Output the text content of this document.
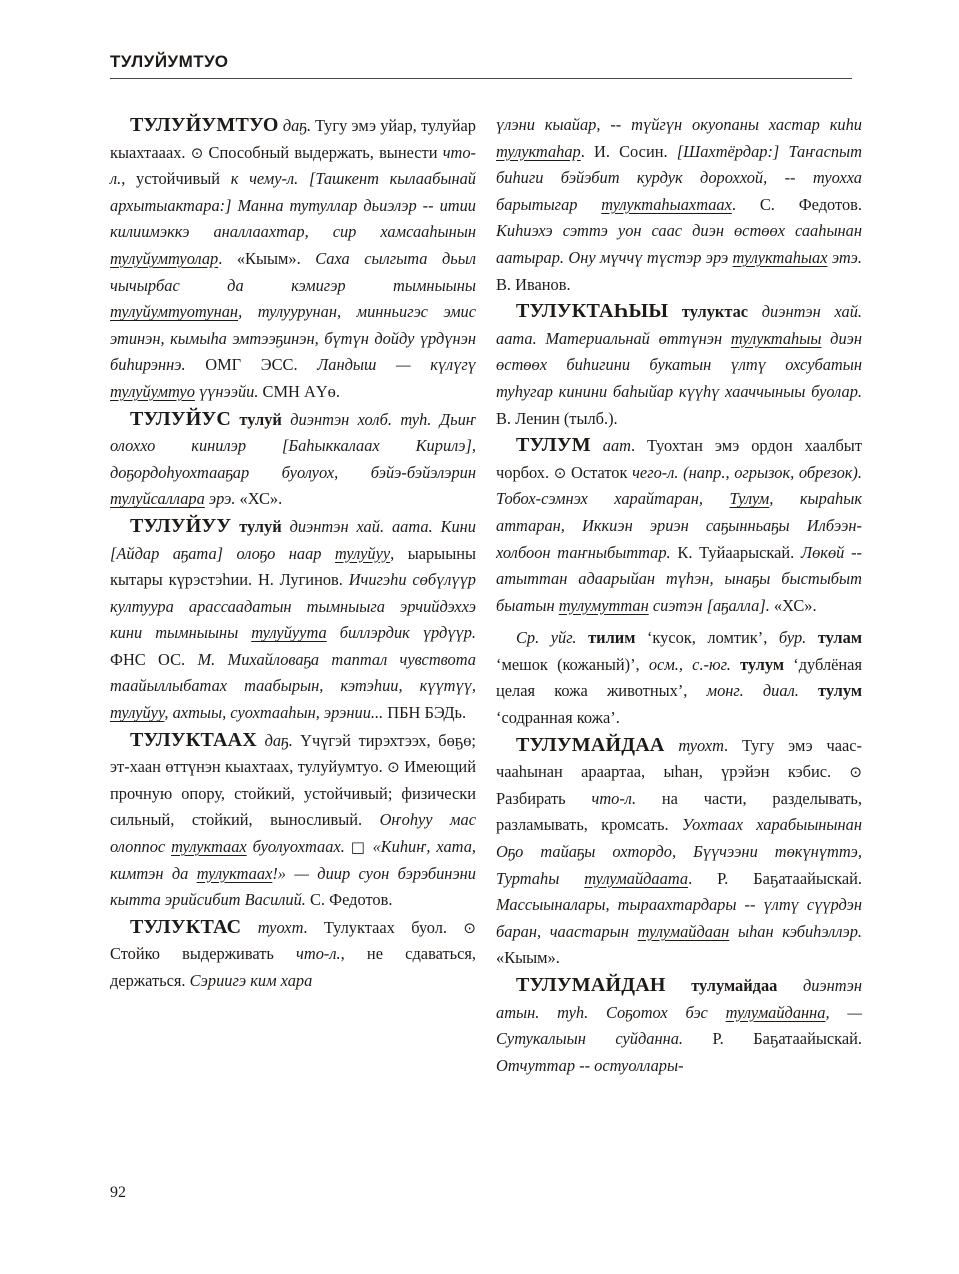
ТУЛУЙУМТУО

ТУЛУЙУМТУО даҕ. Тугу эмэ уйар, тулуйар кыахтааах. ⊙ Способный выдержать, вынести что-л., устойчивый к чему-л. [Ташкент кылаабынай архытыактара:] Манна тутуллар дьиэлэр -- итии килиимэккэ аналлаахтар, сир хамсааһынын тулуйумтуолар. «Кыым». Саха сылгыта дьыл чычырбас да кэмигэр тымныыны тулуйумтуотунан, тулуурунан, минньигэс эмис этинэн, кымыһа эмтээҕинэн, бүтүн дойду үрдүнэн биһирэннэ. ОМГ ЭСС. Ландыш — күлүгү тулуйумтуо үүнээйи. СМН АҮө.

ТУЛУЙУС тулуй диэнтэн холб. туһ. Дьиҥ олоххо кинилэр [Баһыккалаах Кирилэ], доҕордоһуохтааҕар буолуох, бэйэ-бэйэлэрин тулуйсаллара эрэ. «ХС».

ТУЛУЙУУ тулуй диэнтэн хай. аата. Кини [Айдар аҕата] олоҕо наар тулуйуу, ыарыыны кытары күрэстэһии. Н. Лугинов. Ичигэһи сөбүлүүр култуура арассаадатын тымныыга эрчийдэххэ кини тымныыны тулуйуута биллэрдик үрдүүр. ФНС ОС. М. Михайловаҕа таптал чувствота таайыллыбатах таабырын, кэтэһии, күүтүү, тулуйуу, ахтыы, суохтааһын, эрэнии... ПБН БЭДь.

ТУЛУКТААХ даҕ. Үчүгэй тирэхтээх, бөҕө; эт-хаан өттүнэн кыахтаах, тулуйумтуо. ⊙ Имеющий прочную опору, стойкий, устойчивый; физически сильный, стойкий, выносливый. Оҥоһуу мас олоппос тулуктаах буолуохтаах. □ «Киһиҥ, хата, кимтэн да тулуктаах!» — диир суон бэрэбинэни кытта эрийсибит Василий. С. Федотов.

ТУЛУКТАС туохт. Тулуктаах буол. ⊙ Стойко выдерживать что-л., не сдаваться, держаться. Сэриигэ ким хара

үлэни кыайар, -- түйгүн окуопаны хастар киһи тулуктаһар. И. Сосин. [Шахтёрдар:] Таҥаспыт биһиги бэйэбит курдук дороххой, -- туохха барытыгар тулуктаһыахтаах. С. Федотов. Киһиэхэ сэттэ уон саас диэн өстөөх сааһынан аатырар. Ону мүччү түстэр эрэ тулуктаһыах этэ. В. Иванов.

ТУЛУКТАҺЫЫ тулуктас диэнтэн хай. аата. Материальнай өттүнэн тулуктаһыы диэн өстөөх биһигини букатын үлтү охсубатын туһугар кинини баһыйар күүһү хааччыныы буолар. В. Ленин (тылб.).

ТУЛУМ аат. Туохтан эмэ ордон хаалбыт чорбох. ⊙ Остаток чего-л. (напр., огрызок, обрезок). Тобох-сэмнэх харайтаран, Тулум, кыраһык аттаран, Иккиэн эриэн саҕынньаҕы Илбээн-холбоон таҥныбыттар. К. Туйаарыскай. Лөкөй -- атыттан адаарыйан түһэн, ынаҕы быстыбыт быатын тулумуттан сиэтэн [аҕалла]. «ХС».

Ср. уйг. тилим ‘кусок, ломтик’, бур. тулам ‘мешок (кожаный)’, осм., с.-юг. тулум ‘дублёная целая кожа животных’, монг. диал. тулум ‘содранная кожа’.

ТУЛУМАЙДАА туохт. Тугу эмэ чаас-чааһынан араартаа, ыһан, үрэйэн кэбис. ⊙ Разбирать что-л. на части, разделывать, разламывать, кромсать. Уохтаах харабыынынан Оҕо тайаҕы охтордо, Бүүчээни төкүнүттэ, Туртаһы тулумайдаата. Р. Баҕатаайыскай. Массыыналары, тыраахтардары -- үлтү сүүрдэн баран, чаастарын тулумайдаан ыһан кэбиһэллэр. «Кыым».

ТУЛУМАЙДАН тулумайдаа диэнтэн атын. туһ. Соҕотох бэс тулумайданна, — Сутукалыын суйданна. Р. Баҕатаайыскай. Отчуттар -- остуоллары-

92
